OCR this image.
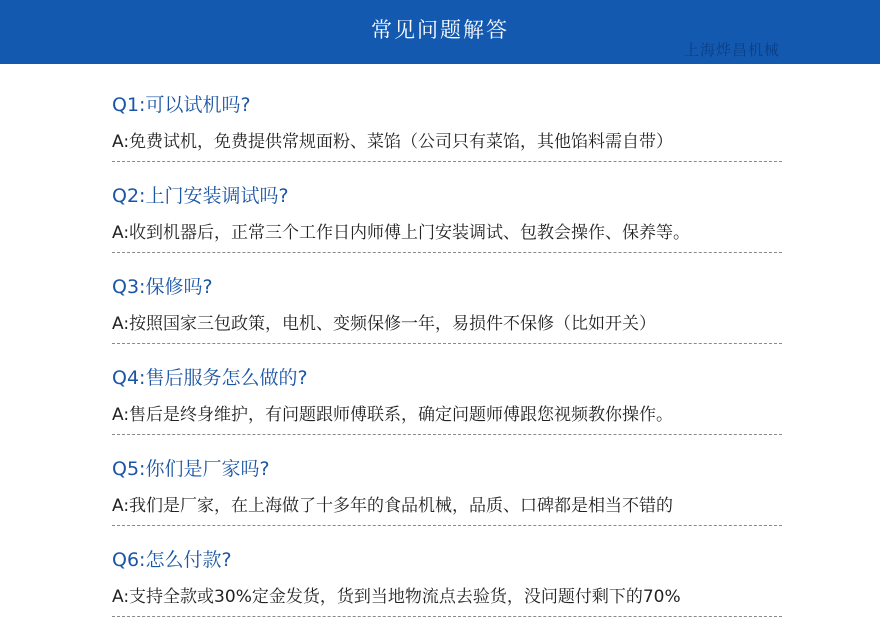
常见问题解答
上海烨昌机械
Q1:可以试机吗?
A:免费试机，免费提供常规面粉、菜馅（公司只有菜馅，其他馅料需自带）
Q2:上门安装调试吗?
A:收到机器后，正常三个工作日内师傅上门安装调试、包教会操作、保养等。
Q3:保修吗?
A:按照国家三包政策，电机、变频保修一年，易损件不保修（比如开关）
Q4:售后服务怎么做的?
A:售后是终身维护，有问题跟师傅联系，确定问题师傅跟您视频教你操作。
Q5:你们是厂家吗?
A:我们是厂家，在上海做了十多年的食品机械，品质、口碑都是相当不错的
Q6:怎么付款?
A:支持全款或30%定金发货，货到当地物流点去验货，没问题付剩下的70%
